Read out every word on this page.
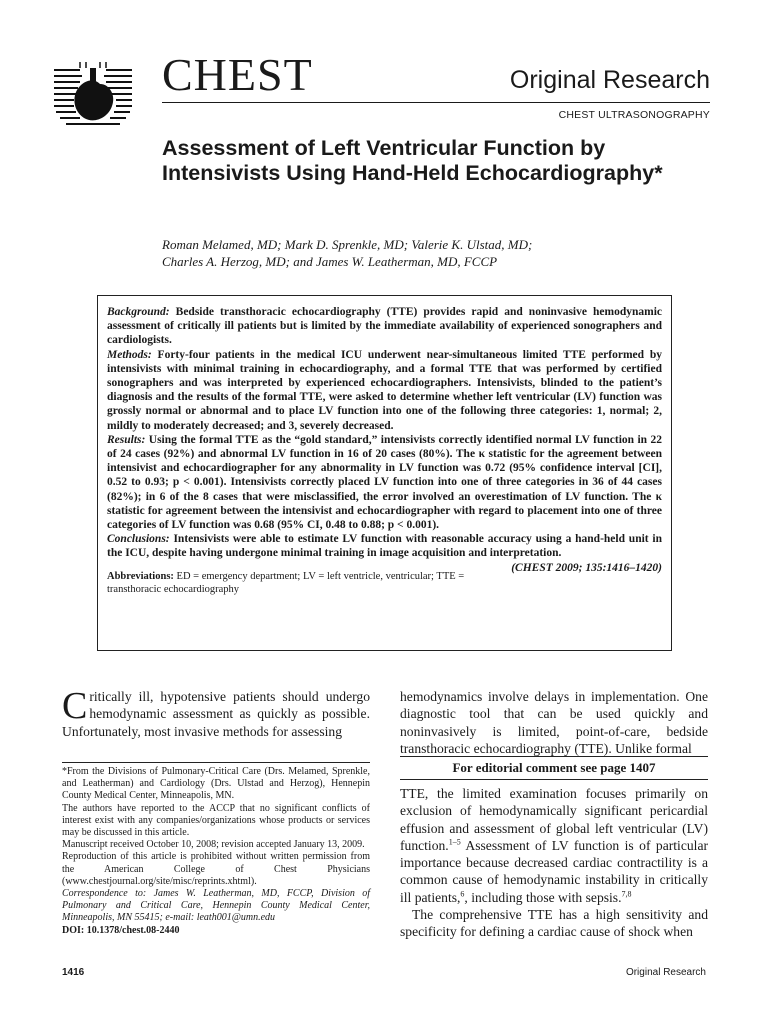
CHEST	Original Research
CHEST ULTRASONOGRAPHY
Assessment of Left Ventricular Function by Intensivists Using Hand-Held Echocardiography*
Roman Melamed, MD; Mark D. Sprenkle, MD; Valerie K. Ulstad, MD;
Charles A. Herzog, MD; and James W. Leatherman, MD, FCCP
Background: Bedside transthoracic echocardiography (TTE) provides rapid and noninvasive hemodynamic assessment of critically ill patients but is limited by the immediate availability of experienced sonographers and cardiologists.
Methods: Forty-four patients in the medical ICU underwent near-simultaneous limited TTE performed by intensivists with minimal training in echocardiography, and a formal TTE that was performed by certified sonographers and was interpreted by experienced echocardiographers. Intensivists, blinded to the patient’s diagnosis and the results of the formal TTE, were asked to determine whether left ventricular (LV) function was grossly normal or abnormal and to place LV function into one of the following three categories: 1, normal; 2, mildly to moderately decreased; and 3, severely decreased.
Results: Using the formal TTE as the “gold standard,” intensivists correctly identified normal LV function in 22 of 24 cases (92%) and abnormal LV function in 16 of 20 cases (80%). The κ statistic for the agreement between intensivist and echocardiographer for any abnormality in LV function was 0.72 (95% confidence interval [CI], 0.52 to 0.93; p < 0.001). Intensivists correctly placed LV function into one of three categories in 36 of 44 cases (82%); in 6 of the 8 cases that were misclassified, the error involved an overestimation of LV function. The κ statistic for agreement between the intensivist and echocardiographer with regard to placement into one of three categories of LV function was 0.68 (95% CI, 0.48 to 0.88; p < 0.001).
Conclusions: Intensivists were able to estimate LV function with reasonable accuracy using a hand-held unit in the ICU, despite having undergone minimal training in image acquisition and interpretation.
(CHEST 2009; 135:1416–1420)
Abbreviations: ED = emergency department; LV = left ventricle, ventricular; TTE = transthoracic echocardiography
Critically ill, hypotensive patients should undergo hemodynamic assessment as quickly as possible. Unfortunately, most invasive methods for assessing

*From the Divisions of Pulmonary-Critical Care (Drs. Melamed, Sprenkle, and Leatherman) and Cardiology (Drs. Ulstad and Herzog), Hennepin County Medical Center, Minneapolis, MN.

The authors have reported to the ACCP that no significant conflicts of interest exist with any companies/organizations whose products or services may be discussed in this article.

Manuscript received October 10, 2008; revision accepted January 13, 2009.

Reproduction of this article is prohibited without written permission from the American College of Chest Physicians (www.chestjournal.org/site/misc/reprints.xhtml).

Correspondence to: James W. Leatherman, MD, FCCP, Division of Pulmonary and Critical Care, Hennepin County Medical Center, Minneapolis, MN 55415; e-mail: leath001@umn.edu

DOI: 10.1378/chest.08-2440

hemodynamics involve delays in implementation. One diagnostic tool that can be used quickly and noninvasively is limited, point-of-care, bedside transthoracic echocardiography (TTE). Unlike formal
For editorial comment see page 1407
TTE, the limited examination focuses primarily on exclusion of hemodynamically significant pericardial effusion and assessment of global left ventricular (LV) function.$^{1-5}$ Assessment of LV function is of particular importance because decreased cardiac contractility is a common cause of hemodynamic instability in critically ill patients,$^6$, including those with sepsis.$^{7,8}$
The comprehensive TTE has a high sensitivity and specificity for defining a cardiac cause of shock when
1416	Original Research
